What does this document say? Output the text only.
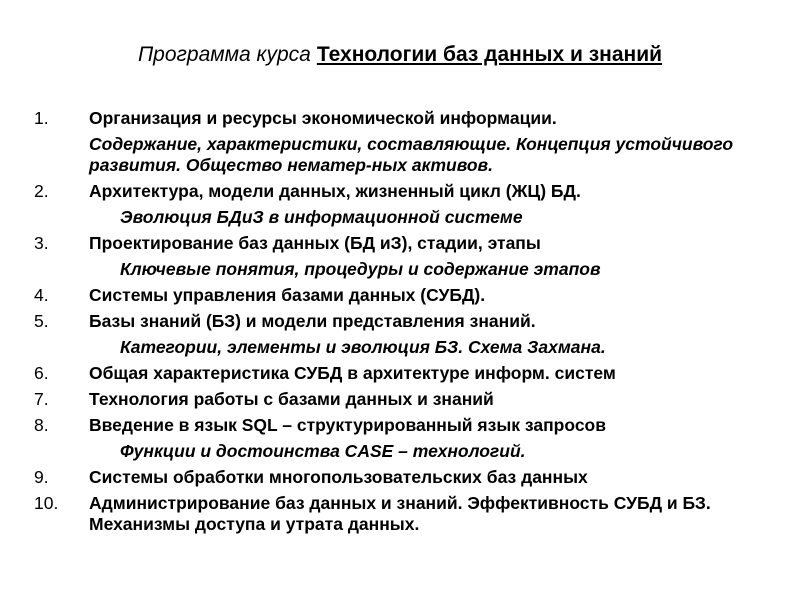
Программа курса Технологии баз данных и знаний
1. Организация и ресурсы экономической информации.
Содержание, характеристики, составляющие. Концепция устойчивого развития. Общество нематер-ных активов.
2. Архитектура, модели данных, жизненный цикл (ЖЦ) БД.
Эволюция БДиЗ в информационной системе
3. Проектирование баз данных (БД иЗ), стадии, этапы
Ключевые понятия, процедуры и содержание этапов
4. Системы управления базами данных (СУБД).
5. Базы знаний (БЗ) и модели представления знаний.
Категории, элементы и эволюция БЗ. Схема Захмана.
6. Общая характеристика СУБД в архитектуре информ. систем
7. Технология работы с базами данных и знаний
8. Введение в язык SQL – структурированный язык запросов
Функции и достоинства CASE – технологий.
9. Системы обработки многопользовательских баз данных
10. Администрирование баз данных и знаний. Эффективность СУБД и БЗ. Механизмы доступа и утрата данных.
